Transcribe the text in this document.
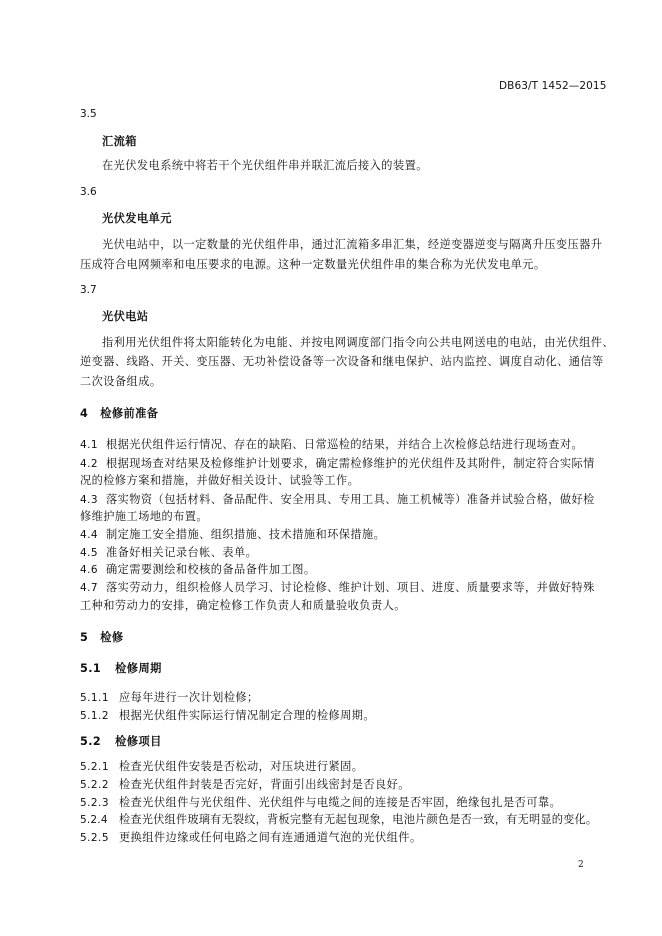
DB63/T 1452—2015
3.5
汇流箱
在光伏发电系统中将若干个光伏组件串并联汇流后接入的装置。
3.6
光伏发电单元
光伏电站中，以一定数量的光伏组件串，通过汇流箱多串汇集，经逆变器逆变与隔离升压变压器升
压成符合电网频率和电压要求的电源。这种一定数量光伏组件串的集合称为光伏发电单元。
3.7
光伏电站
指利用光伏组件将太阳能转化为电能、并按电网调度部门指令向公共电网送电的电站，由光伏组件、
逆变器、线路、开关、变压器、无功补偿设备等一次设备和继电保护、站内监控、调度自动化、通信等
二次设备组成。
4 检修前准备
4.1 根据光伏组件运行情况、存在的缺陷、日常巡检的结果，并结合上次检修总结进行现场查对。
4.2 根据现场查对结果及检修维护计划要求，确定需检修维护的光伏组件及其附件，制定符合实际情
况的检修方案和措施，并做好相关设计、试验等工作。
4.3 落实物资（包括材料、备品配件、安全用具、专用工具、施工机械等）准备并试验合格，做好检
修维护施工场地的布置。
4.4 制定施工安全措施、组织措施、技术措施和环保措施。
4.5 准备好相关记录台帐、表单。
4.6 确定需要测绘和校核的备品备件加工图。
4.7 落实劳动力，组织检修人员学习、讨论检修、维护计划、项目、进度、质量要求等，并做好特殊
工种和劳动力的安排，确定检修工作负责人和质量验收负责人。
5 检修
5.1 检修周期
5.1.1 应每年进行一次计划检修；
5.1.2 根据光伏组件实际运行情况制定合理的检修周期。
5.2 检修项目
5.2.1 检查光伏组件安装是否松动，对压块进行紧固。
5.2.2 检查光伏组件封装是否完好，背面引出线密封是否良好。
5.2.3 检查光伏组件与光伏组件、光伏组件与电缆之间的连接是否牢固，绝缘包扎是否可靠。
5.2.4 检查光伏组件玻璃有无裂纹，背板完整有无起包现象，电池片颜色是否一致，有无明显的变化。
5.2.5 更换组件边缘或任何电路之间有连通通道气泡的光伏组件。
2
